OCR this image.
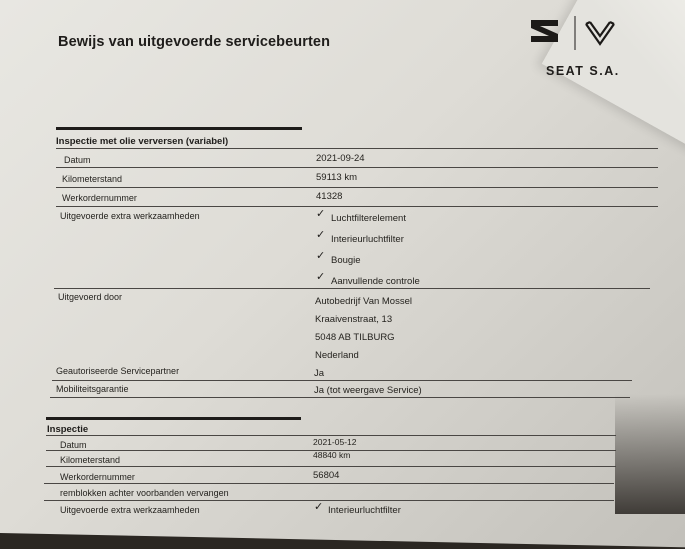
Bewijs van uitgevoerde servicebeurten
SEAT S.A.
Inspectie met olie verversen (variabel)
Datum	2021-09-24
Kilometerstand	59113 km
Werkordernummer	41328
Uitgevoerde extra werkzaamheden	✓ Luchtfilterelement
✓ Interieurluchtfilter
✓ Bougie
✓ Aanvullende controle
Uitgevoerd door	Autobedrijf Van Mossel
Kraaivenstraat, 13
5048 AB TILBURG
Nederland
Geautoriseerde Servicepartner	Ja
Mobiliteitsgarantie	Ja (tot weergave Service)
Inspectie
Datum	2021-05-12
Kilometerstand	48840 km
Werkordernummer	56804
remblokken achter voorbanden vervangen
Uitgevoerde extra werkzaamheden	✓ Interieurluchtfilter
